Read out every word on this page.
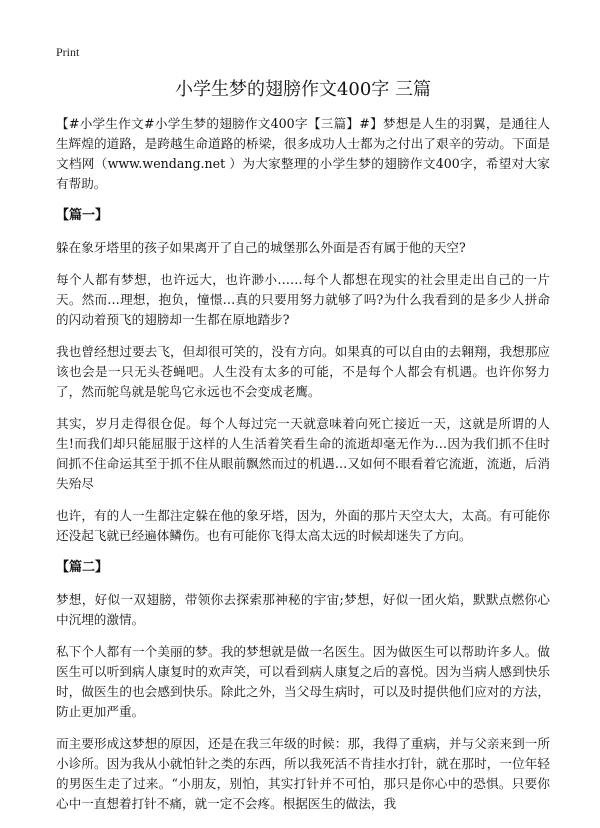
Print
小学生梦的翅膀作文400字 三篇

【#小学生作文#小学生梦的翅膀作文400字【三篇】#】梦想是人生的羽翼，是通往人生辉煌的道路，是跨越生命道路的桥梁，很多成功人士都为之付出了艰辛的劳动。下面是文档网（www.wendang.net ）为大家整理的小学生梦的翅膀作文400字，希望对大家有帮助。

【篇一】

躲在象牙塔里的孩子如果离开了自己的城堡那么外面是否有属于他的天空?

每个人都有梦想，也许远大，也许渺小……每个人都想在现实的社会里走出自己的一片天。然而…理想，抱负，憧憬…真的只要用努力就够了吗?为什么我看到的是多少人拼命的闪动着预飞的翅膀却一生都在原地踏步?

我也曾经想过要去飞，但却很可笑的，没有方向。如果真的可以自由的去翱翔，我想那应该也会是一只无头苍蝇吧。人生没有太多的可能，不是每个人都会有机遇。也许你努力了，然而鸵鸟就是鸵鸟它永远也不会变成老鹰。

其实，岁月走得很仓促。每个人每过完一天就意味着向死亡接近一天，这就是所谓的人生!而我们却只能屈服于这样的人生活着笑看生命的流逝却毫无作为…因为我们抓不住时间抓不住命运其至于抓不住从眼前飘然而过的机遇…又如何不眼看着它流逝，流逝，后消失殆尽

也许，有的人一生都注定躲在他的象牙塔，因为，外面的那片天空太大，太高。有可能你还没起飞就已经遍体鳞伤。也有可能你飞得太高太远的时候却迷失了方向。

【篇二】

梦想，好似一双翅膀，带领你去探索那神秘的宇宙;梦想，好似一团火焰，默默点燃你心中沉埋的激情。

私下个人都有一个美丽的梦。我的梦想就是做一名医生。因为做医生可以帮助许多人。做医生可以听到病人康复时的欢声笑，可以看到病人康复之后的喜悦。因为当病人感到快乐时，做医生的也会感到快乐。除此之外，当父母生病时，可以及时提供他们应对的方法，防止更加严重。

而主要形成这梦想的原因，还是在我三年级的时候：那，我得了重病，并与父亲来到一所小诊所。因为我从小就怕针之类的东西，所以我死活不肯挂水打针，就在那时，一位年轻的男医生走了过来。“小朋友，别怕，其实打针并不可怕，那只是你心中的恐惧。只要你心中一直想着打针不痛，就一定不会疼。根据医生的做法，我
